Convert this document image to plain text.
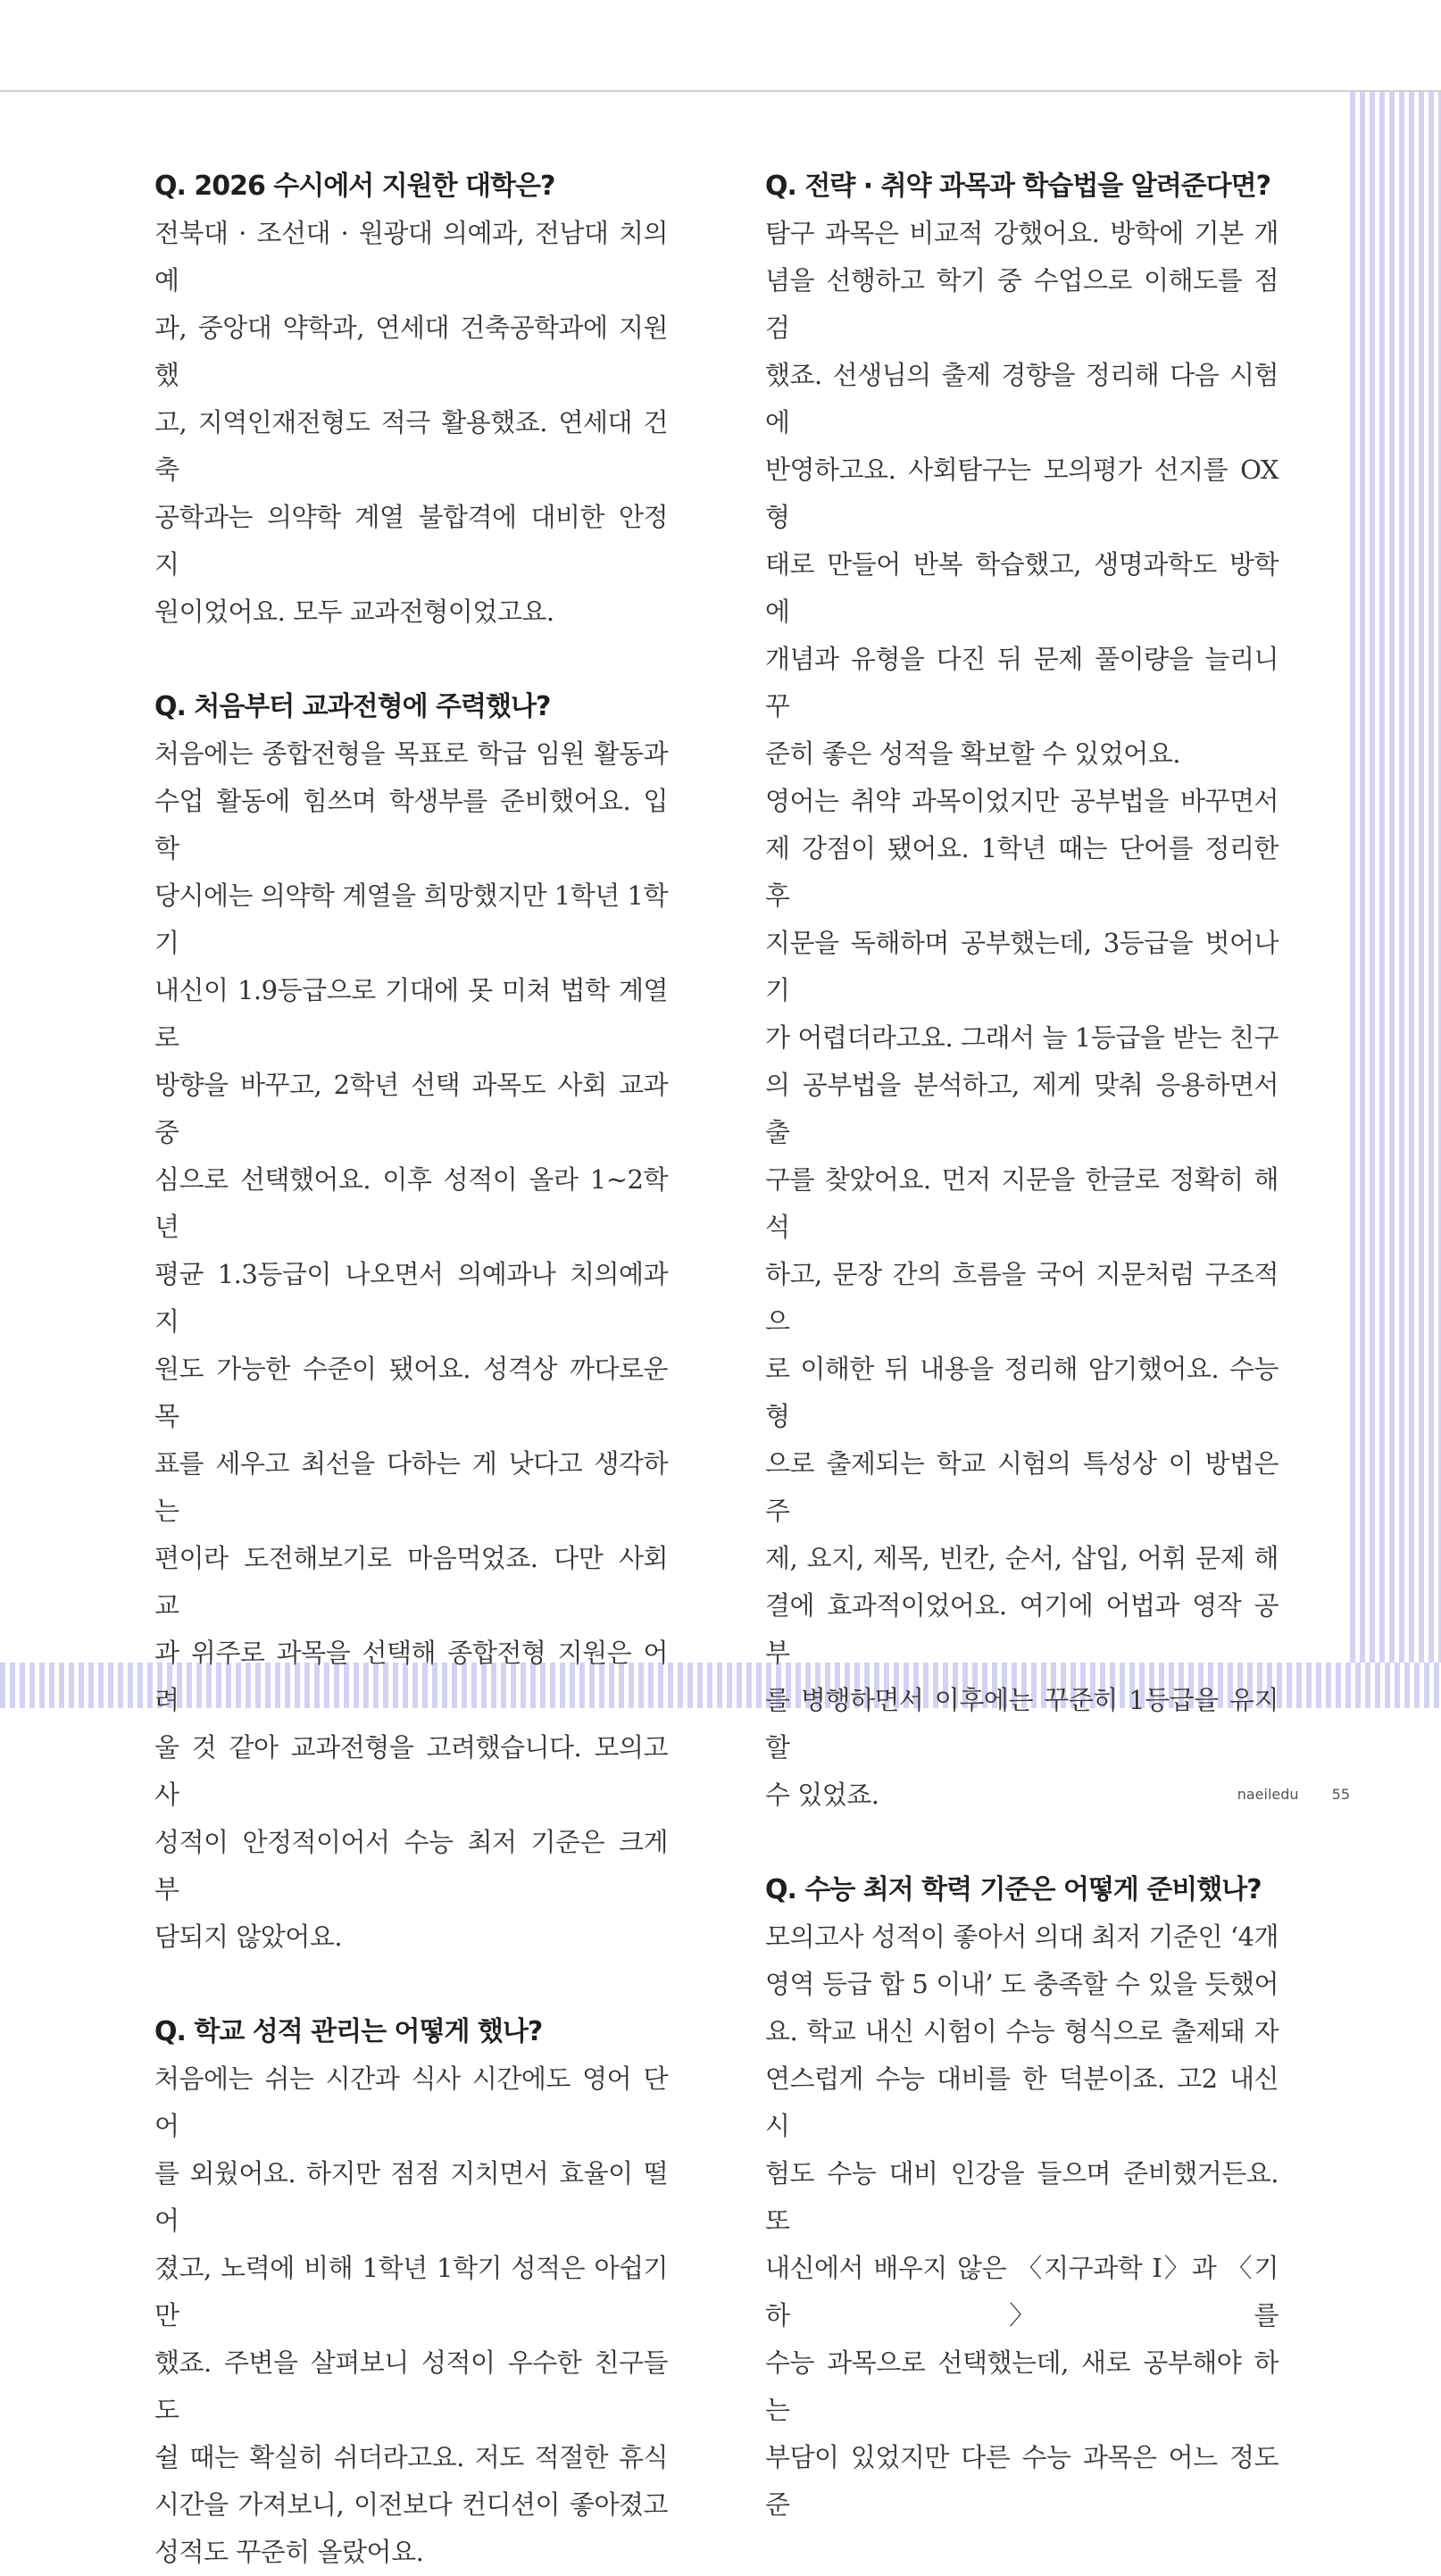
Q. 2026 수시에서 지원한 대학은?

전북대 · 조선대 · 원광대 의예과, 전남대 치의예

과, 중앙대 약학과, 연세대 건축공학과에 지원했

고, 지역인재전형도 적극 활용했죠. 연세대 건축

공학과는 의약학 계열 불합격에 대비한 안정 지

원이었어요. 모두 교과전형이었고요.

Q. 처음부터 교과전형에 주력했나?

처음에는 종합전형을 목표로 학급 임원 활동과

수업 활동에 힘쓰며 학생부를 준비했어요. 입학

당시에는 의약학 계열을 희망했지만 1학년 1학기

내신이 1.9등급으로 기대에 못 미쳐 법학 계열로

방향을 바꾸고, 2학년 선택 과목도 사회 교과 중

심으로 선택했어요. 이후 성적이 올라 1~2학년

평균 1.3등급이 나오면서 의예과나 치의예과 지

원도 가능한 수준이 됐어요. 성격상 까다로운 목

표를 세우고 최선을 다하는 게 낫다고 생각하는

편이라 도전해보기로 마음먹었죠. 다만 사회 교

과 위주로 과목을 선택해 종합전형 지원은 어려

울 것 같아 교과전형을 고려했습니다. 모의고사

성적이 안정적이어서 수능 최저 기준은 크게 부

담되지 않았어요.

Q. 학교 성적 관리는 어떻게 했나?

처음에는 쉬는 시간과 식사 시간에도 영어 단어

를 외웠어요. 하지만 점점 지치면서 효율이 떨어

졌고, 노력에 비해 1학년 1학기 성적은 아쉽기만

했죠. 주변을 살펴보니 성적이 우수한 친구들도

쉴 때는 확실히 쉬더라고요. 저도 적절한 휴식

시간을 가져보니, 이전보다 컨디션이 좋아졌고

성적도 꾸준히 올랐어요.

Q. 전략 · 취약 과목과 학습법을 알려준다면?

탐구 과목은 비교적 강했어요. 방학에 기본 개

념을 선행하고 학기 중 수업으로 이해도를 점검

했죠. 선생님의 출제 경향을 정리해 다음 시험에

반영하고요. 사회탐구는 모의평가 선지를 OX 형

태로 만들어 반복 학습했고, 생명과학도 방학에

개념과 유형을 다진 뒤 문제 풀이량을 늘리니 꾸

준히 좋은 성적을 확보할 수 있었어요.

영어는 취약 과목이었지만 공부법을 바꾸면서

제 강점이 됐어요. 1학년 때는 단어를 정리한 후

지문을 독해하며 공부했는데, 3등급을 벗어나기

가 어렵더라고요. 그래서 늘 1등급을 받는 친구

의 공부법을 분석하고, 제게 맞춰 응용하면서 출

구를 찾았어요. 먼저 지문을 한글로 정확히 해석

하고, 문장 간의 흐름을 국어 지문처럼 구조적으

로 이해한 뒤 내용을 정리해 암기했어요. 수능형

으로 출제되는 학교 시험의 특성상 이 방법은 주

제, 요지, 제목, 빈칸, 순서, 삽입, 어휘 문제 해

결에 효과적이었어요. 여기에 어법과 영작 공부

를 병행하면서 이후에는 꾸준히 1등급을 유지할

수 있었죠.

Q. 수능 최저 학력 기준은 어떻게 준비했나?

모의고사 성적이 좋아서 의대 최저 기준인 ‘4개

영역 등급 합 5 이내’ 도 충족할 수 있을 듯했어

요. 학교 내신 시험이 수능 형식으로 출제돼 자

연스럽게 수능 대비를 한 덕분이죠. 고2 내신 시

험도 수능 대비 인강을 들으며 준비했거든요. 또

내신에서 배우지 않은 〈지구과학 Ⅰ〉과 〈기하〉를

수능 과목으로 선택했는데, 새로 공부해야 하는

부담이 있었지만 다른 수능 과목은 어느 정도 준

naeiledu 55
